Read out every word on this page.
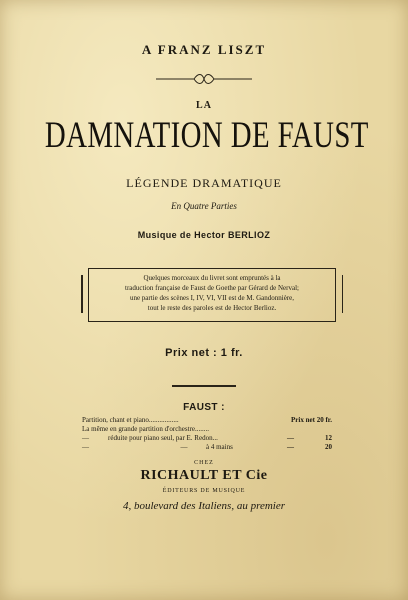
A FRANZ LISZT
LA
DAMNATION DE FAUST
LÉGENDE DRAMATIQUE
En Quatre Parties
Musique de Hector BERLIOZ
Quelques morceaux du livret sont empruntés à la
traduction française de Faust de Goethe par Gérard de Nerval;
une partie des scènes I, IV, VI, VII est de M. Gandonnière,
tout le reste des paroles est de Hector Berlioz.
Prix net : 1 fr.
FAUST :
Partition, chant et piano.................	Prix net 20 fr.
La même en grande partition d'orchestre........
—	réduite pour piano seul, par E. Redon...	—	12
—	—	à 4 mains	—	20
CHEZ
RICHAULT ET Cie
ÉDITEURS DE MUSIQUE
4, boulevard des Italiens, au premier
